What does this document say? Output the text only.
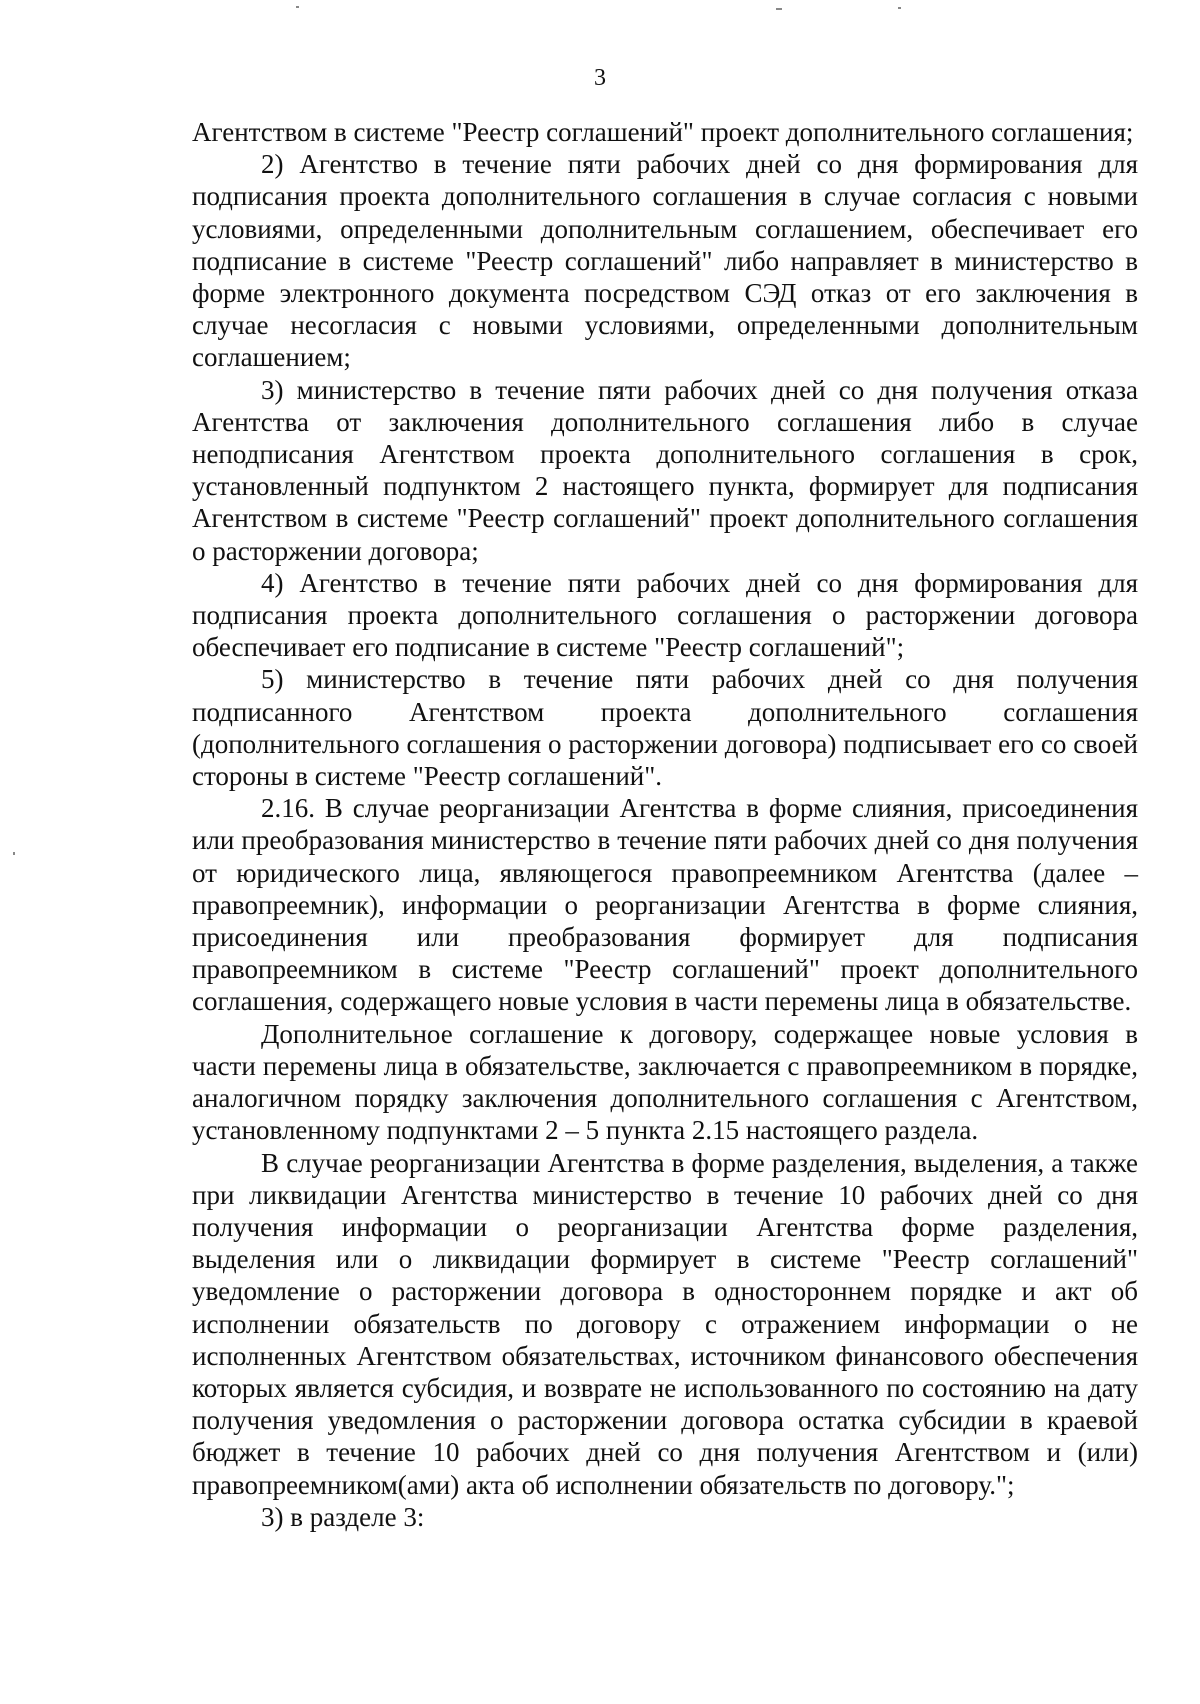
3

Агентством в системе "Реестр соглашений" проект дополнительного соглашения;

2) Агентство в течение пяти рабочих дней со дня формирования для подписания проекта дополнительного соглашения в случае согласия с новыми условиями, определенными дополнительным соглашением, обеспечивает его подписание в системе "Реестр соглашений" либо направляет в министерство в форме электронного документа посредством СЭД отказ от его заключения в случае несогласия с новыми условиями, определенными дополнительным соглашением;

3) министерство в течение пяти рабочих дней со дня получения отказа Агентства от заключения дополнительного соглашения либо в случае неподписания Агентством проекта дополнительного соглашения в срок, установленный подпунктом 2 настоящего пункта, формирует для подписания Агентством в системе "Реестр соглашений" проект дополнительного соглашения о расторжении договора;

4) Агентство в течение пяти рабочих дней со дня формирования для подписания проекта дополнительного соглашения о расторжении договора обеспечивает его подписание в системе "Реестр соглашений";

5) министерство в течение пяти рабочих дней со дня получения подписанного Агентством проекта дополнительного соглашения (дополнительного соглашения о расторжении договора) подписывает его со своей стороны в системе "Реестр соглашений".

2.16. В случае реорганизации Агентства в форме слияния, присоединения или преобразования министерство в течение пяти рабочих дней со дня получения от юридического лица, являющегося правопреемником Агентства (далее – правопреемник), информации о реорганизации Агентства в форме слияния, присоединения или преобразования формирует для подписания правопреемником в системе "Реестр соглашений" проект дополнительного соглашения, содержащего новые условия в части перемены лица в обязательстве.

Дополнительное соглашение к договору, содержащее новые условия в части перемены лица в обязательстве, заключается с правопреемником в порядке, аналогичном порядку заключения дополнительного соглашения с Агентством, установленному подпунктами 2 – 5 пункта 2.15 настоящего раздела.

В случае реорганизации Агентства в форме разделения, выделения, а также при ликвидации Агентства министерство в течение 10 рабочих дней со дня получения информации о реорганизации Агентства форме разделения, выделения или о ликвидации формирует в системе "Реестр соглашений" уведомление о расторжении договора в одностороннем порядке и акт об исполнении обязательств по договору с отражением информации о не исполненных Агентством обязательствах, источником финансового обеспечения которых является субсидия, и возврате не использованного по состоянию на дату получения уведомления о расторжении договора остатка субсидии в краевой бюджет в течение 10 рабочих дней со дня получения Агентством и (или) правопреемником(ами) акта об исполнении обязательств по договору.";

3) в разделе 3:
